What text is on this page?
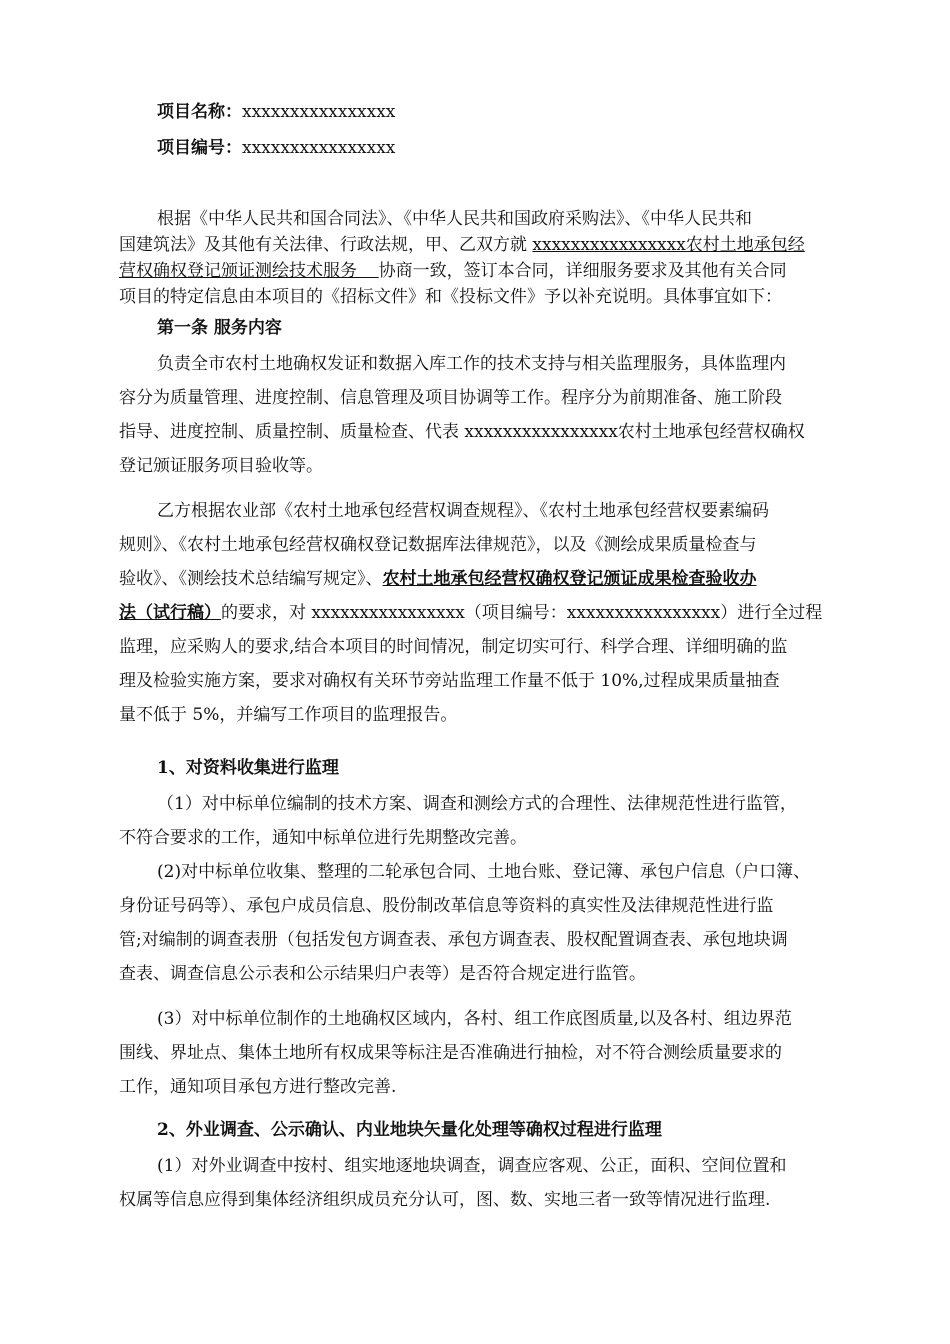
项目名称：xxxxxxxxxxxxxxxx
项目编号：xxxxxxxxxxxxxxxx
根据《中华人民共和国合同法》、《中华人民共和国政府采购法》、《中华人民共和
国建筑法》及其他有关法律、行政法规，甲、乙双方就 xxxxxxxxxxxxxxxx农村土地承包经
营权确权登记颁证测绘技术服务    协商一致，签订本合同，详细服务要求及其他有关合同
项目的特定信息由本项目的《招标文件》和《投标文件》予以补充说明。具体事宜如下：
第一条 服务内容
负责全市农村土地确权发证和数据入库工作的技术支持与相关监理服务，具体监理内
容分为质量管理、进度控制、信息管理及项目协调等工作。程序分为前期准备、施工阶段
指导、进度控制、质量控制、质量检查、代表 xxxxxxxxxxxxxxxx农村土地承包经营权确权
登记颁证服务项目验收等。
乙方根据农业部《农村土地承包经营权调查规程》、《农村土地承包经营权要素编码
规则》、《农村土地承包经营权确权登记数据库法律规范》，以及《测绘成果质量检查与
验收》、《测绘技术总结编写规定》、农村土地承包经营权确权登记颁证成果检查验收办
法（试行稿）的要求，对 xxxxxxxxxxxxxxxx（项目编号：xxxxxxxxxxxxxxxx）进行全过程
监理，应采购人的要求,结合本项目的时间情况，制定切实可行、科学合理、详细明确的监
理及检验实施方案，要求对确权有关环节旁站监理工作量不低于 10%,过程成果质量抽查
量不低于 5%，并编写工作项目的监理报告。
1、对资料收集进行监理
（1）对中标单位编制的技术方案、调查和测绘方式的合理性、法律规范性进行监管，
不符合要求的工作，通知中标单位进行先期整改完善。
(2)对中标单位收集、整理的二轮承包合同、土地台账、登记簿、承包户信息（户口簿、
身份证号码等）、承包户成员信息、股份制改革信息等资料的真实性及法律规范性进行监
管;对编制的调查表册（包括发包方调查表、承包方调查表、股权配置调查表、承包地块调
查表、调查信息公示表和公示结果归户表等）是否符合规定进行监管。
(3）对中标单位制作的土地确权区域内，各村、组工作底图质量,以及各村、组边界范
围线、界址点、集体土地所有权成果等标注是否准确进行抽检，对不符合测绘质量要求的
工作，通知项目承包方进行整改完善.
2、外业调查、公示确认、内业地块矢量化处理等确权过程进行监理
(1）对外业调查中按村、组实地逐地块调查，调查应客观、公正，面积、空间位置和
权属等信息应得到集体经济组织成员充分认可，图、数、实地三者一致等情况进行监理.
